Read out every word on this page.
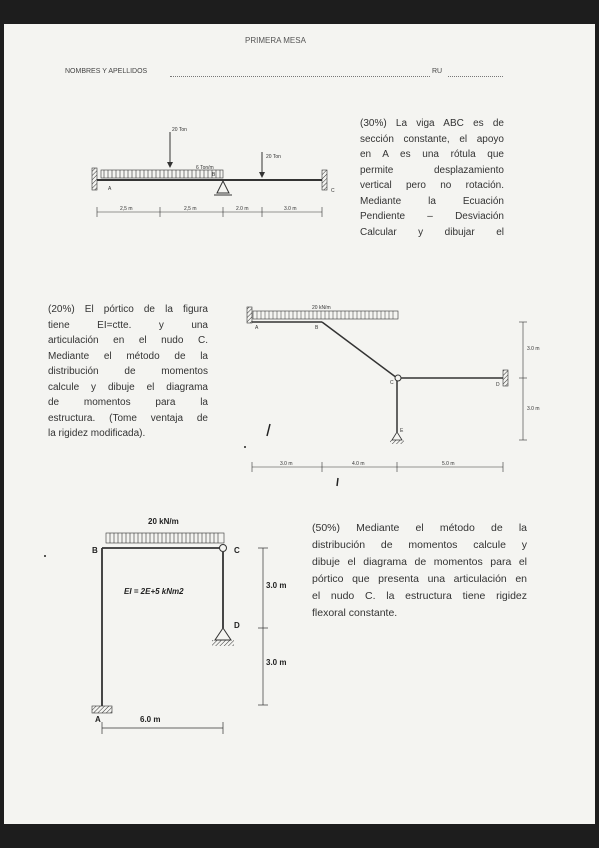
PRIMERA MESA
NOMBRES Y APELLIDOS	RU
(30%) La viga ABC es de
sección constante, el apoyo
en A es una rótula que
permite desplazamiento
vertical pero no rotación.
Mediante la Ecuación
Pendiente – Desviación
Calcular y dibujar el
(20%) El pórtico de la figura
tiene EI=ctte. y una
articulación en el nudo C.
Mediante el método de la
distribución de momentos
calcule y dibuje el diagrama
de momentos para la
estructura. (Tome ventaja de
la rigidez modificada).
(50%) Mediante el método de la
distribución de momentos calcule y
dibuje el diagrama de momentos para el
pórtico que presenta una articulación en
el nudo C. la estructura tiene rigidez
flexoral constante.
20 Ton
20 Ton
6 Ton/m
A
B
C
2,5 m	2,5 m	2.0 m	3.0 m
20 kN/m
A	B
C	D
E
3.0 m	4.0 m	5.0 m
3.0 m
3.0 m
20 kN/m
EI = 2E+5 kNm2
B	C
D
A	6.0 m
3.0 m
3.0 m
